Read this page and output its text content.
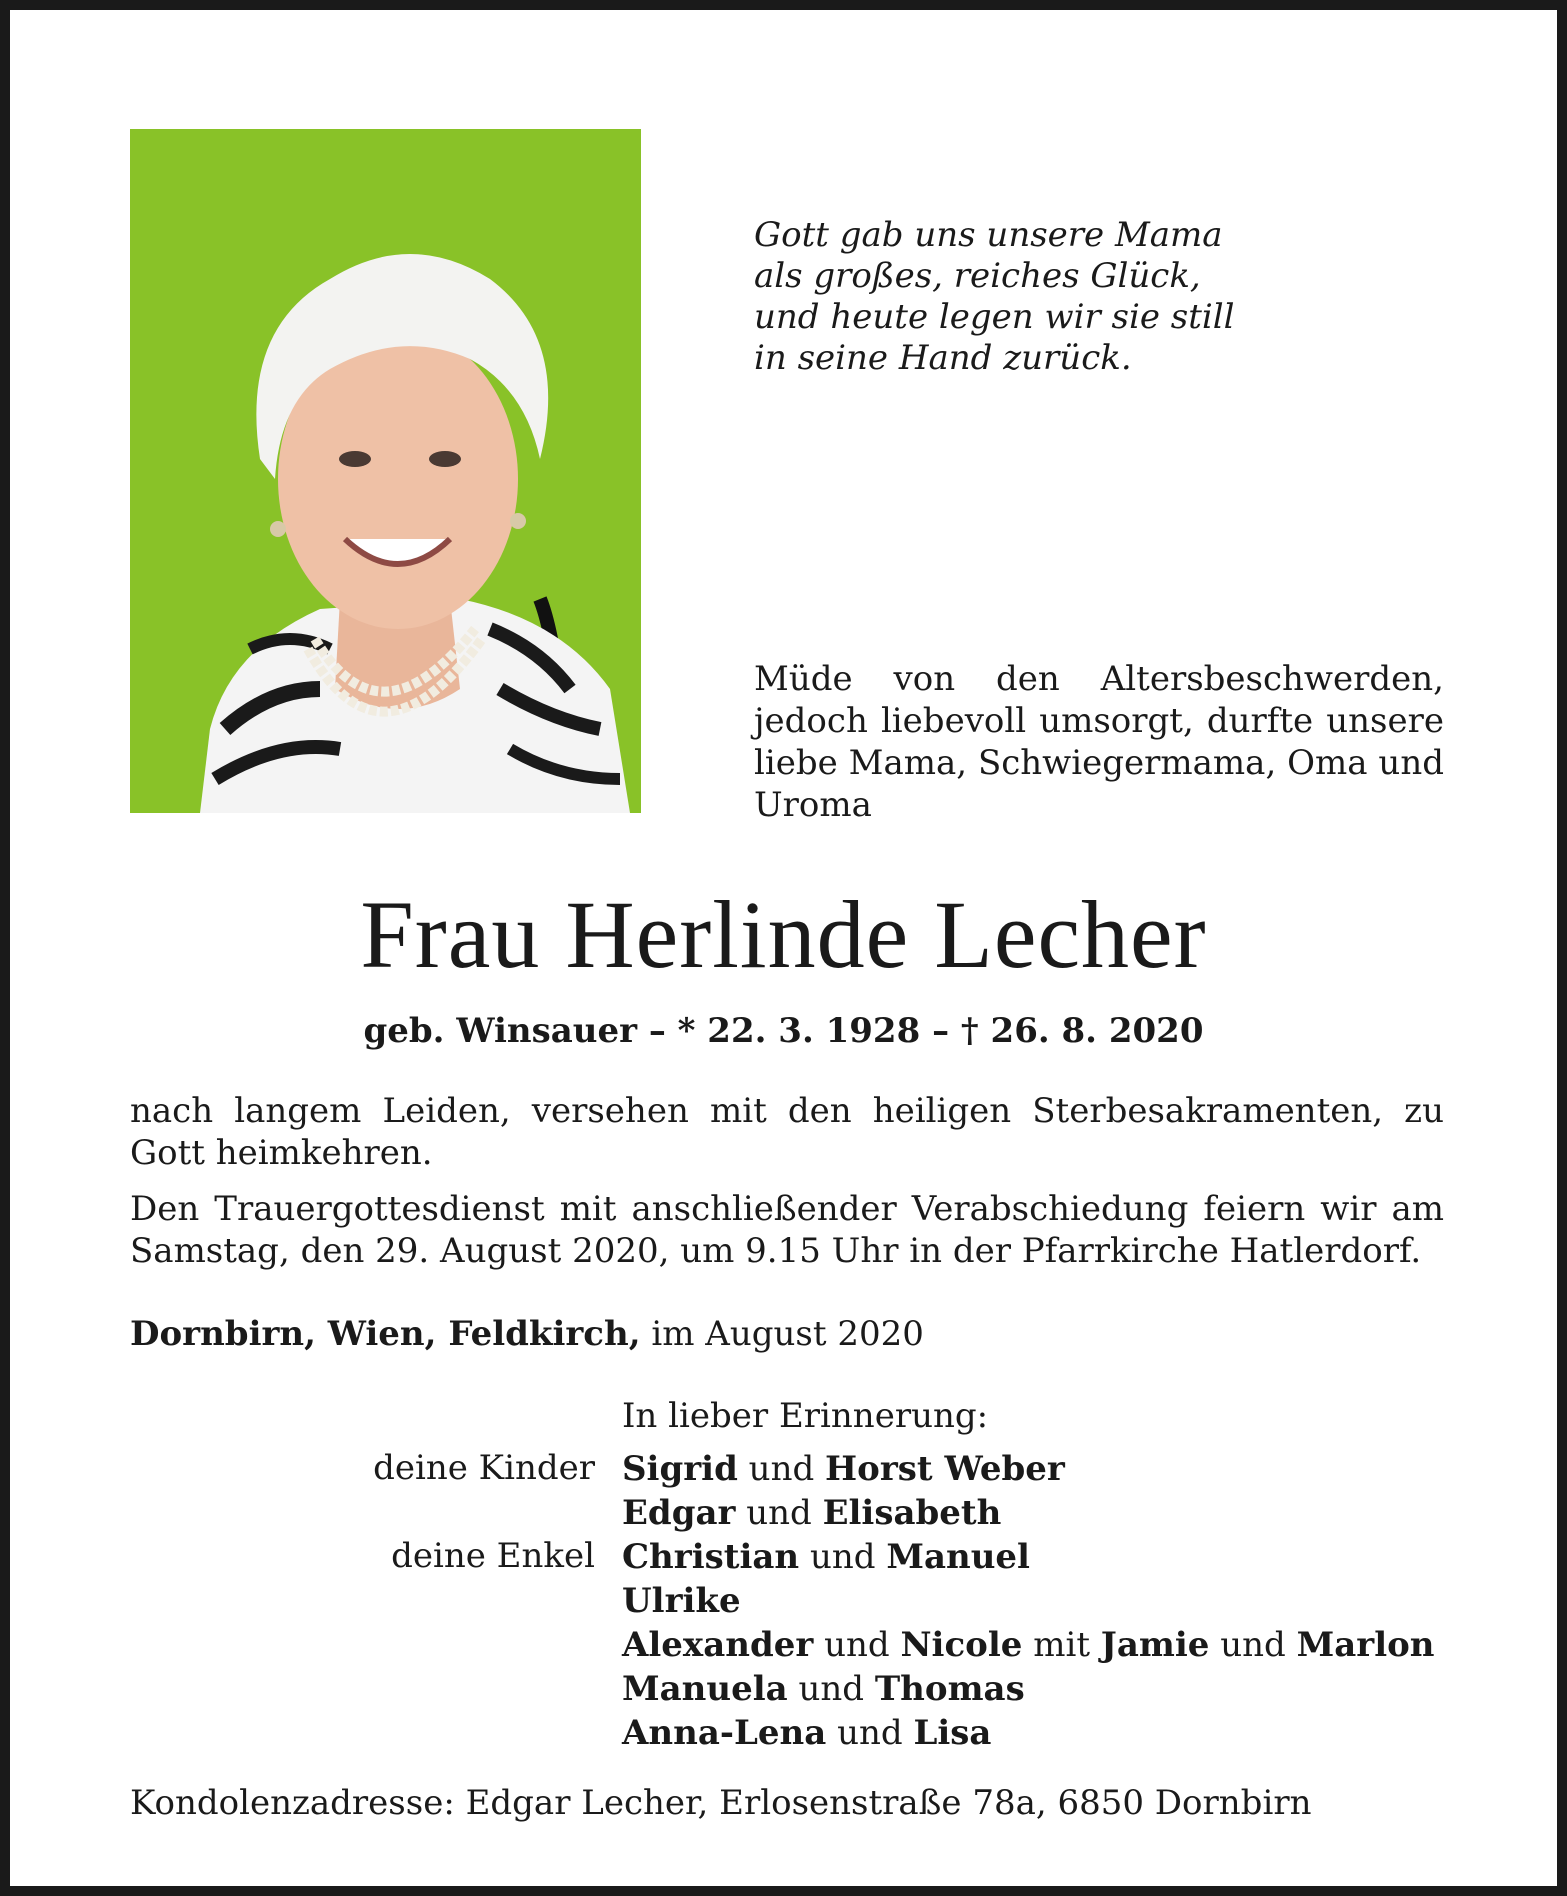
Gott gab uns unsere Mama
als großes, reiches Glück,
und heute legen wir sie still
in seine Hand zurück.
Müde von den Altersbeschwerden, jedoch liebevoll umsorgt, durfte unsere liebe Mama, Schwiegermama, Oma und Uroma
Frau Herlinde Lecher
geb. Winsauer – * 22. 3. 1928 – † 26. 8. 2020
nach langem Leiden, versehen mit den heiligen Sterbesakramenten, zu Gott heimkehren.
Den Trauergottesdienst mit anschließender Verabschiedung feiern wir am Samstag, den 29. August 2020, um 9.15 Uhr in der Pfarrkirche Hatlerdorf.
Dornbirn, Wien, Feldkirch, im August 2020
In lieber Erinnerung:
deine Kinder
deine Enkel
Sigrid und Horst Weber
Edgar und Elisabeth
Christian und Manuel
Ulrike
Alexander und Nicole mit Jamie und Marlon
Manuela und Thomas
Anna-Lena und Lisa
Kondolenzadresse: Edgar Lecher, Erlosenstraße 78a, 6850 Dornbirn
